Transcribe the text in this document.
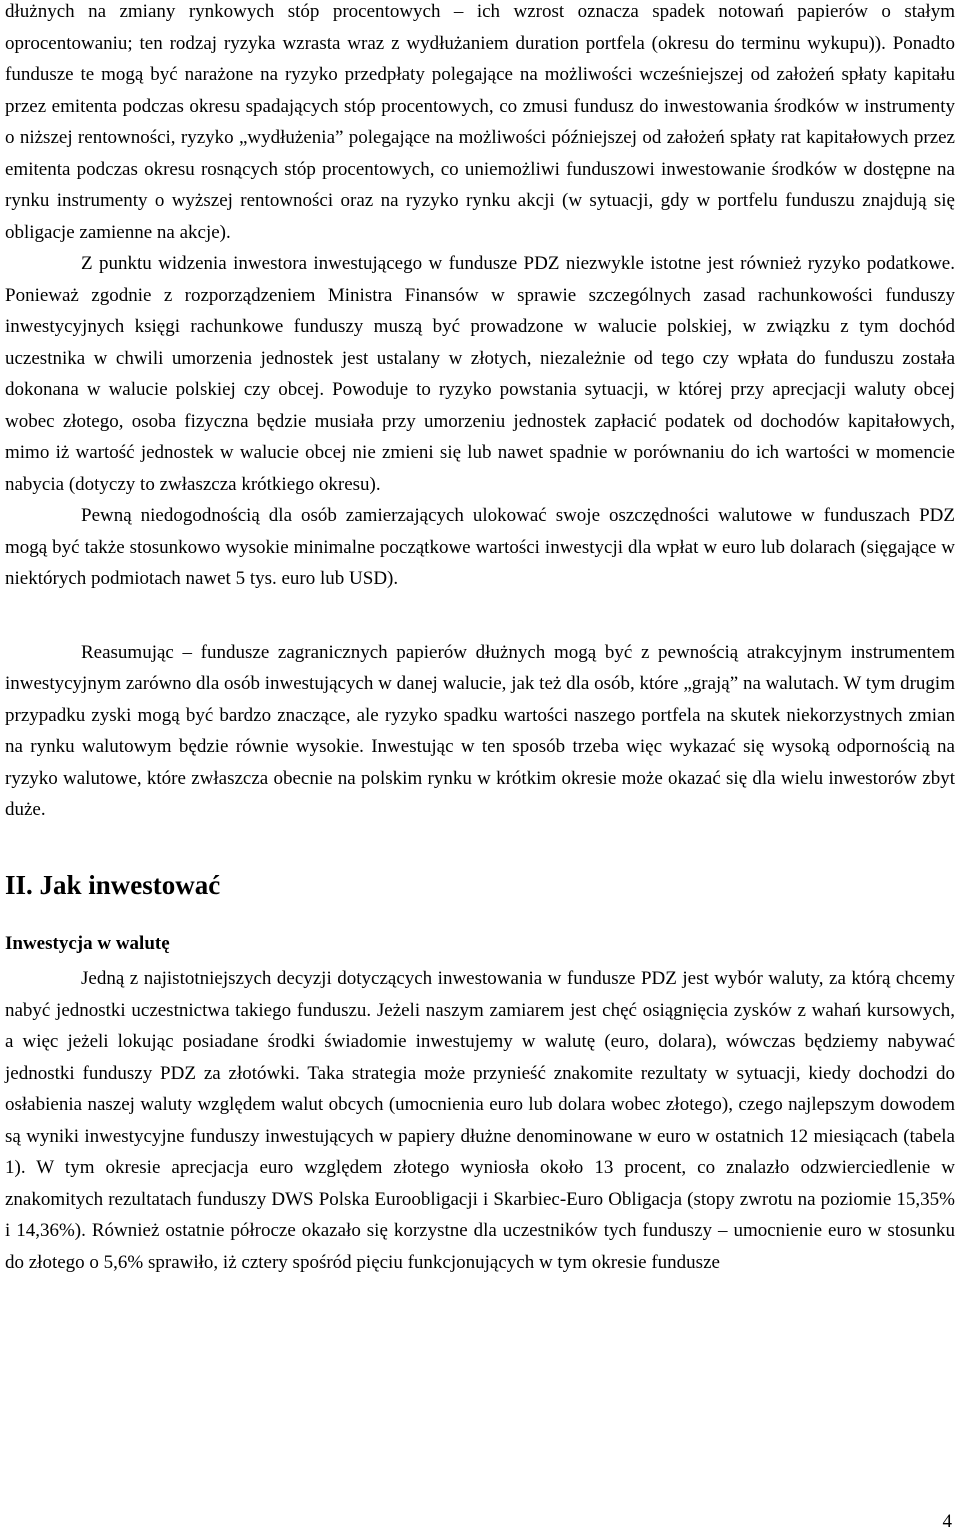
dłużnych na zmiany rynkowych stóp procentowych – ich wzrost oznacza spadek notowań papierów o stałym oprocentowaniu; ten rodzaj ryzyka wzrasta wraz z wydłużaniem duration portfela (okresu do terminu wykupu)). Ponadto fundusze te mogą być narażone na ryzyko przedpłaty polegające na możliwości wcześniejszej od założeń spłaty kapitału przez emitenta podczas okresu spadających stóp procentowych, co zmusi fundusz do inwestowania środków w instrumenty o niższej rentowności, ryzyko „wydłużenia” polegające na możliwości późniejszej od założeń spłaty rat kapitałowych przez emitenta podczas okresu rosnących stóp procentowych, co uniemożliwi funduszowi inwestowanie środków w dostępne na rynku instrumenty o wyższej rentowności oraz na ryzyko rynku akcji (w sytuacji, gdy w portfelu funduszu znajdują się obligacje zamienne na akcje).

Z punktu widzenia inwestora inwestującego w fundusze PDZ niezwykle istotne jest również ryzyko podatkowe. Ponieważ zgodnie z rozporządzeniem Ministra Finansów w sprawie szczególnych zasad rachunkowości funduszy inwestycyjnych księgi rachunkowe funduszy muszą być prowadzone w walucie polskiej, w związku z tym dochód uczestnika w chwili umorzenia jednostek jest ustalany w złotych, niezależnie od tego czy wpłata do funduszu została dokonana w walucie polskiej czy obcej. Powoduje to ryzyko powstania sytuacji, w której przy aprecjacji waluty obcej wobec złotego, osoba fizyczna będzie musiała przy umorzeniu jednostek zapłacić podatek od dochodów kapitałowych, mimo iż wartość jednostek w walucie obcej nie zmieni się lub nawet spadnie w porównaniu do ich wartości w momencie nabycia (dotyczy to zwłaszcza krótkiego okresu).

Pewną niedogodnością dla osób zamierzających ulokować swoje oszczędności walutowe w funduszach PDZ mogą być także stosunkowo wysokie minimalne początkowe wartości inwestycji dla wpłat w euro lub dolarach (sięgające w niektórych podmiotach nawet 5 tys. euro lub USD).

Reasumując – fundusze zagranicznych papierów dłużnych mogą być z pewnością atrakcyjnym instrumentem inwestycyjnym zarówno dla osób inwestujących w danej walucie, jak też dla osób, które „grają” na walutach. W tym drugim przypadku zyski mogą być bardzo znaczące, ale ryzyko spadku wartości naszego portfela na skutek niekorzystnych zmian na rynku walutowym będzie równie wysokie. Inwestując w ten sposób trzeba więc wykazać się wysoką odpornością na ryzyko walutowe, które zwłaszcza obecnie na polskim rynku w krótkim okresie może okazać się dla wielu inwestorów zbyt duże.

II. Jak inwestować
Inwestycja w walutę

Jedną z najistotniejszych decyzji dotyczących inwestowania w fundusze PDZ jest wybór waluty, za którą chcemy nabyć jednostki uczestnictwa takiego funduszu. Jeżeli naszym zamiarem jest chęć osiągnięcia zysków z wahań kursowych, a więc jeżeli lokując posiadane środki świadomie inwestujemy w walutę (euro, dolara), wówczas będziemy nabywać jednostki funduszy PDZ za złotówki. Taka strategia może przynieść znakomite rezultaty w sytuacji, kiedy dochodzi do osłabienia naszej waluty względem walut obcych (umocnienia euro lub dolara wobec złotego), czego najlepszym dowodem są wyniki inwestycyjne funduszy inwestujących w papiery dłużne denominowane w euro w ostatnich 12 miesiącach (tabela 1). W tym okresie aprecjacja euro względem złotego wyniosła około 13 procent, co znalazło odzwierciedlenie w znakomitych rezultatach funduszy DWS Polska Euroobligacji i Skarbiec-Euro Obligacja (stopy zwrotu na poziomie 15,35% i 14,36%). Również ostatnie półrocze okazało się korzystne dla uczestników tych funduszy – umocnienie euro w stosunku do złotego o 5,6% sprawiło, iż cztery spośród pięciu funkcjonujących w tym okresie fundusze

4
